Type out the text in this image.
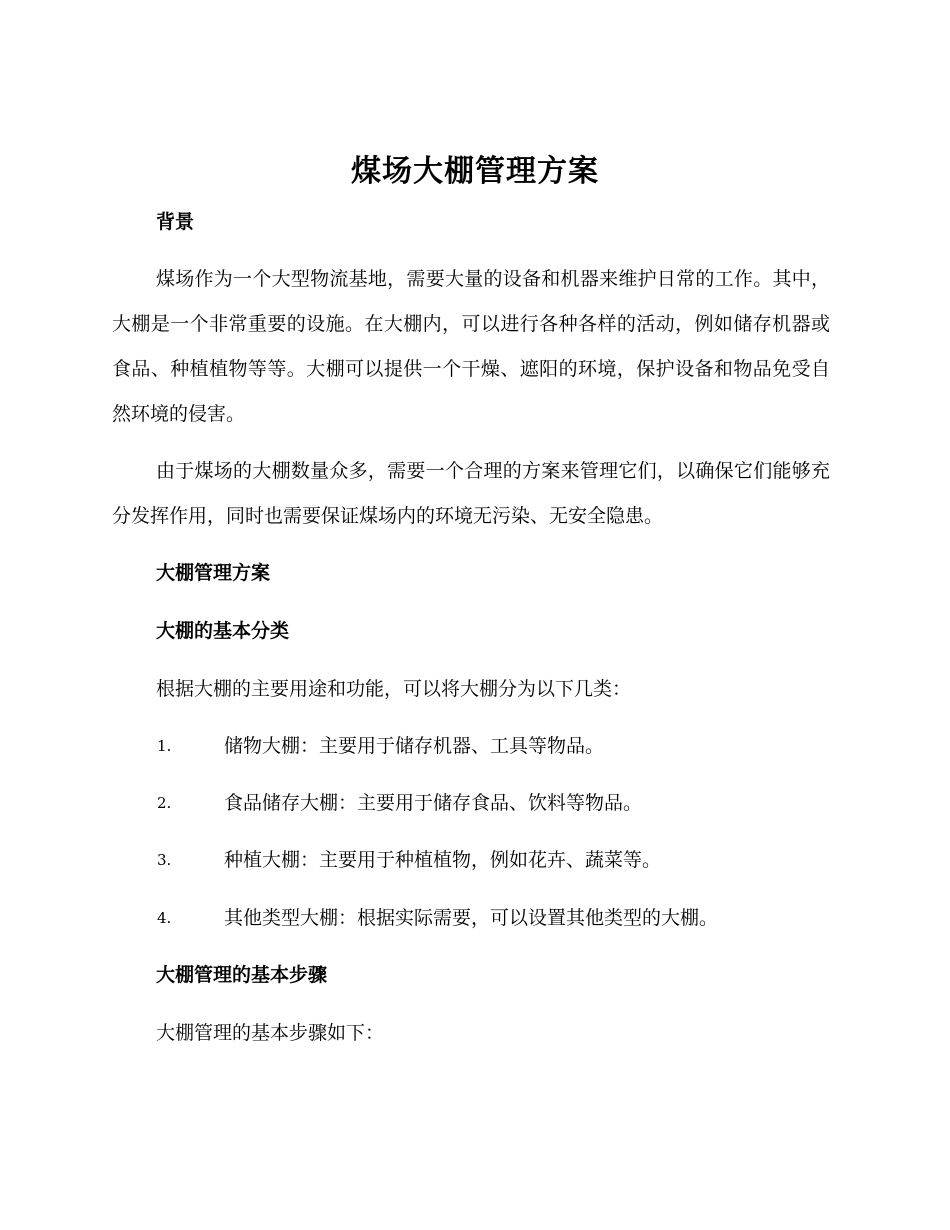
煤场大棚管理方案
背景
煤场作为一个大型物流基地，需要大量的设备和机器来维护日常的工作。其中，大棚是一个非常重要的设施。在大棚内，可以进行各种各样的活动，例如储存机器或食品、种植植物等等。大棚可以提供一个干燥、遮阳的环境，保护设备和物品免受自然环境的侵害。
由于煤场的大棚数量众多，需要一个合理的方案来管理它们，以确保它们能够充分发挥作用，同时也需要保证煤场内的环境无污染、无安全隐患。
大棚管理方案
大棚的基本分类
根据大棚的主要用途和功能，可以将大棚分为以下几类：
1.	储物大棚：主要用于储存机器、工具等物品。
2.	食品储存大棚：主要用于储存食品、饮料等物品。
3.	种植大棚：主要用于种植植物，例如花卉、蔬菜等。
4.	其他类型大棚：根据实际需要，可以设置其他类型的大棚。
大棚管理的基本步骤
大棚管理的基本步骤如下：
